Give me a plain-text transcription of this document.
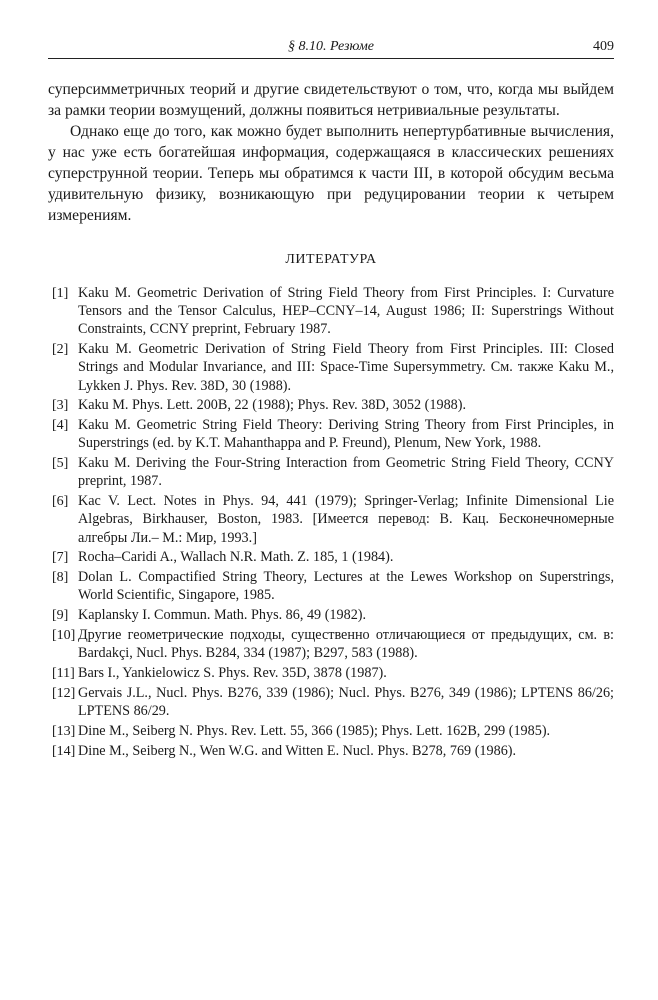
§ 8.10. Резюме	409

суперсимметричных теорий и другие свидетельствуют о том, что, когда мы выйдем за рамки теории возмущений, должны появиться нетривиальные результаты.

Однако еще до того, как можно будет выполнить непертурбативные вычисления, у нас уже есть богатейшая информация, содержащаяся в классических решениях суперструнной теории. Теперь мы обратимся к части III, в которой обсудим весьма удивительную физику, возникающую при редуцировании теории к четырем измерениям.

ЛИТЕРАТУРА
[1] Kaku M. Geometric Derivation of String Field Theory from First Principles. I: Curvature Tensors and the Tensor Calculus, HEP–CCNY–14, August 1986; II: Superstrings Without Constraints, CCNY preprint, February 1987.
[2] Kaku M. Geometric Derivation of String Field Theory from First Principles. III: Closed Strings and Modular Invariance, and III: Space-Time Supersymmetry. См. также Kaku M., Lykken J. Phys. Rev. 38D, 30 (1988).
[3] Kaku M. Phys. Lett. 200B, 22 (1988); Phys. Rev. 38D, 3052 (1988).
[4] Kaku M. Geometric String Field Theory: Deriving String Theory from First Principles, in Superstrings (ed. by K.T. Mahanthappa and P. Freund), Plenum, New York, 1988.
[5] Kaku M. Deriving the Four-String Interaction from Geometric String Field Theory, CCNY preprint, 1987.
[6] Kac V. Lect. Notes in Phys. 94, 441 (1979); Springer-Verlag; Infinite Dimensional Lie Algebras, Birkhauser, Boston, 1983. [Имеется перевод: В. Кац. Бесконечномерные алгебры Ли.– М.: Мир, 1993.]
[7] Rocha–Caridi A., Wallach N.R. Math. Z. 185, 1 (1984).
[8] Dolan L. Compactified String Theory, Lectures at the Lewes Workshop on Superstrings, World Scientific, Singapore, 1985.
[9] Kaplansky I. Commun. Math. Phys. 86, 49 (1982).
[10] Другие геометрические подходы, существенно отличающиеся от предыдущих, см. в: Bardakçi, Nucl. Phys. B284, 334 (1987); B297, 583 (1988).
[11] Bars I., Yankielowicz S. Phys. Rev. 35D, 3878 (1987).
[12] Gervais J.L., Nucl. Phys. B276, 339 (1986); Nucl. Phys. B276, 349 (1986); LPTENS 86/26; LPTENS 86/29.
[13] Dine M., Seiberg N. Phys. Rev. Lett. 55, 366 (1985); Phys. Lett. 162B, 299 (1985).
[14] Dine M., Seiberg N., Wen W.G. and Witten E. Nucl. Phys. B278, 769 (1986).
